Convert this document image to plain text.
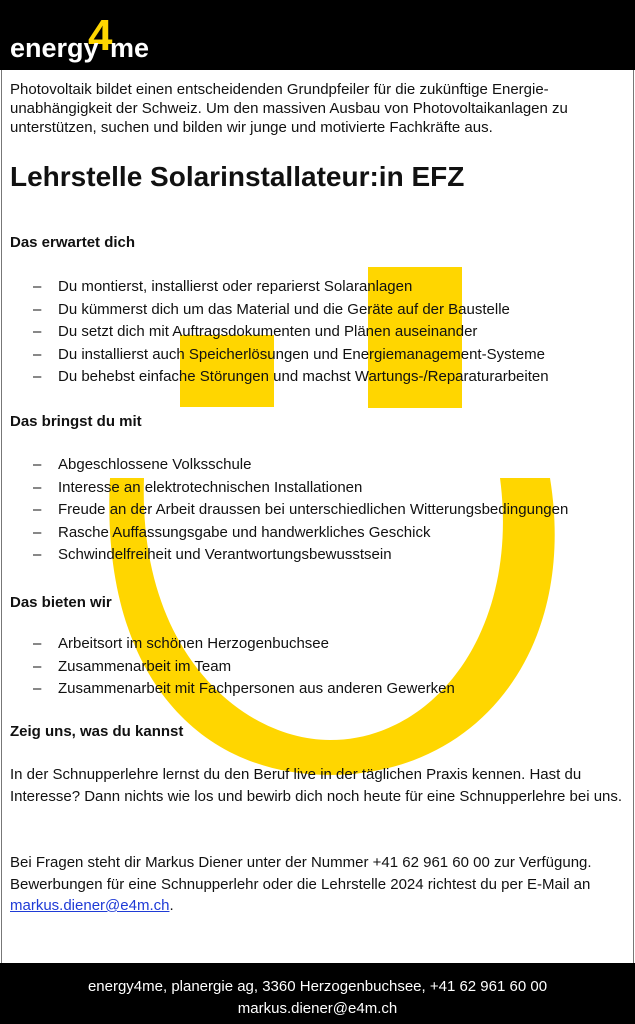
4
energy me

Photovoltaik bildet einen entscheidenden Grundpfeiler für die zukünftige Energie-unabhängigkeit der Schweiz. Um den massiven Ausbau von Photovoltaikanlagen zu unterstützen, suchen und bilden wir junge und motivierte Fachkräfte aus.

Lehrstelle Solarinstallateur:in EFZ
Das erwartet dich
– Du montierst, installierst oder reparierst Solaranlagen
– Du kümmerst dich um das Material und die Geräte auf der Baustelle
– Du setzt dich mit Auftragsdokumenten und Plänen auseinander
– Du installierst auch Speicherlösungen und Energiemanagement-Systeme
– Du behebst einfache Störungen und machst Wartungs-/Reparaturarbeiten
Das bringst du mit
– Abgeschlossene Volksschule
– Interesse an elektrotechnischen Installationen
– Freude an der Arbeit draussen bei unterschiedlichen Witterungsbedingungen
– Rasche Auffassungsgabe und handwerkliches Geschick
– Schwindelfreiheit und Verantwortungsbewusstsein
Das bieten wir
– Arbeitsort im schönen Herzogenbuchsee
– Zusammenarbeit im Team
– Zusammenarbeit mit Fachpersonen aus anderen Gewerken
Zeig uns, was du kannst

In der Schnupperlehre lernst du den Beruf live in der täglichen Praxis kennen. Hast du Interesse? Dann nichts wie los und bewirb dich noch heute für eine Schnupperlehre bei uns.

Bei Fragen steht dir Markus Diener unter der Nummer +41 62 961 60 00 zur Verfügung. Bewerbungen für eine Schnupperlehr oder die Lehrstelle 2024 richtest du per E-Mail an markus.diener@e4m.ch.

energy4me, planergie ag, 3360 Herzogenbuchsee, +41 62 961 60 00
markus.diener@e4m.ch
